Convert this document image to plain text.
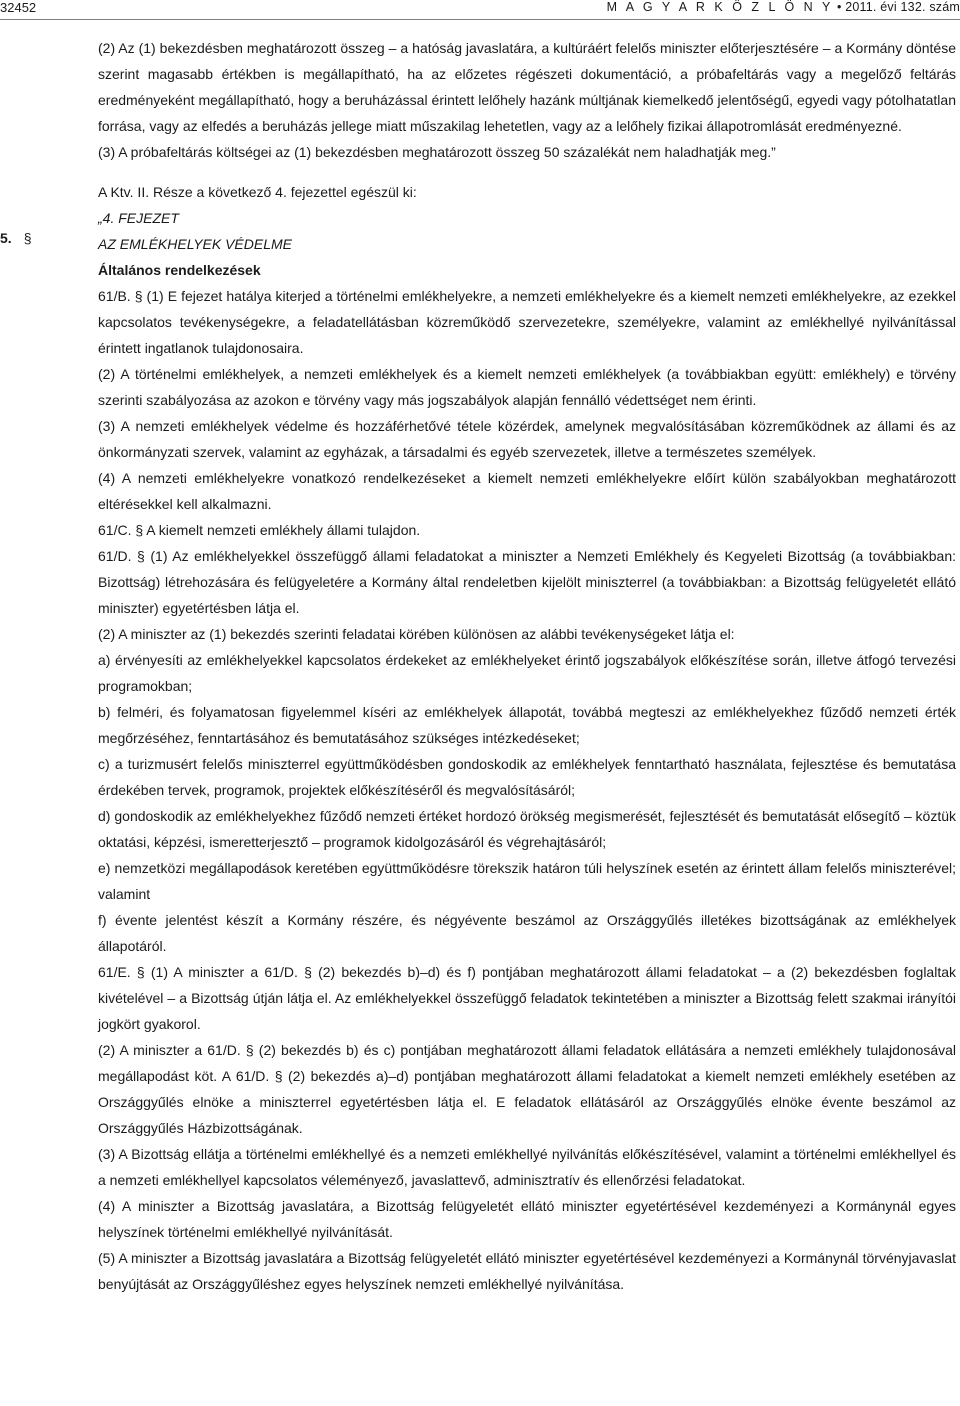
32452	M A G Y A R K Ö Z L Ö N Y • 2011. évi 132. szám
5. §

(2) Az (1) bekezdésben meghatározott összeg – a hatóság javaslatára, a kultúráért felelős miniszter előterjesztésére – a Kormány döntése szerint magasabb értékben is megállapítható, ha az előzetes régészeti dokumentáció, a próbafeltárás vagy a megelőző feltárás eredményeként megállapítható, hogy a beruházással érintett lelőhely hazánk múltjának kiemelkedő jelentőségű, egyedi vagy pótolhatatlan forrása, vagy az elfedés a beruházás jellege miatt műszakilag lehetetlen, vagy az a lelőhely fizikai állapotromlását eredményezné.

(3) A próbafeltárás költségei az (1) bekezdésben meghatározott összeg 50 százalékát nem haladhatják meg.”

A Ktv. II. Része a következő 4. fejezettel egészül ki:

„4. FEJEZET

AZ EMLÉKHELYEK VÉDELME

Általános rendelkezések

61/B. § (1) E fejezet hatálya kiterjed a történelmi emlékhelyekre, a nemzeti emlékhelyekre és a kiemelt nemzeti emlékhelyekre, az ezekkel kapcsolatos tevékenységekre, a feladatellátásban közreműködő szervezetekre, személyekre, valamint az emlékhellyé nyilvánítással érintett ingatlanok tulajdonosaira.

(2) A történelmi emlékhelyek, a nemzeti emlékhelyek és a kiemelt nemzeti emlékhelyek (a továbbiakban együtt: emlékhely) e törvény szerinti szabályozása az azokon e törvény vagy más jogszabályok alapján fennálló védettséget nem érinti.

(3) A nemzeti emlékhelyek védelme és hozzáférhetővé tétele közérdek, amelynek megvalósításában közreműködnek az állami és az önkormányzati szervek, valamint az egyházak, a társadalmi és egyéb szervezetek, illetve a természetes személyek.

(4) A nemzeti emlékhelyekre vonatkozó rendelkezéseket a kiemelt nemzeti emlékhelyekre előírt külön szabályokban meghatározott eltérésekkel kell alkalmazni.

61/C. § A kiemelt nemzeti emlékhely állami tulajdon.

61/D. § (1) Az emlékhelyekkel összefüggő állami feladatokat a miniszter a Nemzeti Emlékhely és Kegyeleti Bizottság (a továbbiakban: Bizottság) létrehozására és felügyeletére a Kormány által rendeletben kijelölt miniszterrel (a továbbiakban: a Bizottság felügyeletét ellátó miniszter) egyetértésben látja el.

(2) A miniszter az (1) bekezdés szerinti feladatai körében különösen az alábbi tevékenységeket látja el:

a) érvényesíti az emlékhelyekkel kapcsolatos érdekeket az emlékhelyeket érintő jogszabályok előkészítése során, illetve átfogó tervezési programokban;

b) felméri, és folyamatosan figyelemmel kíséri az emlékhelyek állapotát, továbbá megteszi az emlékhelyekhez fűződő nemzeti érték megőrzéséhez, fenntartásához és bemutatásához szükséges intézkedéseket;

c) a turizmusért felelős miniszterrel együttműködésben gondoskodik az emlékhelyek fenntartható használata, fejlesztése és bemutatása érdekében tervek, programok, projektek előkészítéséről és megvalósításáról;

d) gondoskodik az emlékhelyekhez fűződő nemzeti értéket hordozó örökség megismerését, fejlesztését és bemutatását elősegítő – köztük oktatási, képzési, ismeretterjesztő – programok kidolgozásáról és végrehajtásáról;

e) nemzetközi megállapodások keretében együttműködésre törekszik határon túli helyszínek esetén az érintett állam felelős miniszterével; valamint

f) évente jelentést készít a Kormány részére, és négyévente beszámol az Országgyűlés illetékes bizottságának az emlékhelyek állapotáról.

61/E. § (1) A miniszter a 61/D. § (2) bekezdés b)–d) és f) pontjában meghatározott állami feladatokat – a (2) bekezdésben foglaltak kivételével – a Bizottság útján látja el. Az emlékhelyekkel összefüggő feladatok tekintetében a miniszter a Bizottság felett szakmai irányítói jogkört gyakorol.

(2) A miniszter a 61/D. § (2) bekezdés b) és c) pontjában meghatározott állami feladatok ellátására a nemzeti emlékhely tulajdonosával megállapodást köt. A 61/D. § (2) bekezdés a)–d) pontjában meghatározott állami feladatokat a kiemelt nemzeti emlékhely esetében az Országgyűlés elnöke a miniszterrel egyetértésben látja el. E feladatok ellátásáról az Országgyűlés elnöke évente beszámol az Országgyűlés Házbizottságának.

(3) A Bizottság ellátja a történelmi emlékhellyé és a nemzeti emlékhellyé nyilvánítás előkészítésével, valamint a történelmi emlékhellyel és a nemzeti emlékhellyel kapcsolatos véleményező, javaslattevő, adminisztratív és ellenőrzési feladatokat.

(4) A miniszter a Bizottság javaslatára, a Bizottság felügyeletét ellátó miniszter egyetértésével kezdeményezi a Kormánynál egyes helyszínek történelmi emlékhellyé nyilvánítását.

(5) A miniszter a Bizottság javaslatára a Bizottság felügyeletét ellátó miniszter egyetértésével kezdeményezi a Kormánynál törvényjavaslat benyújtását az Országgyűléshez egyes helyszínek nemzeti emlékhellyé nyilvánítása.
